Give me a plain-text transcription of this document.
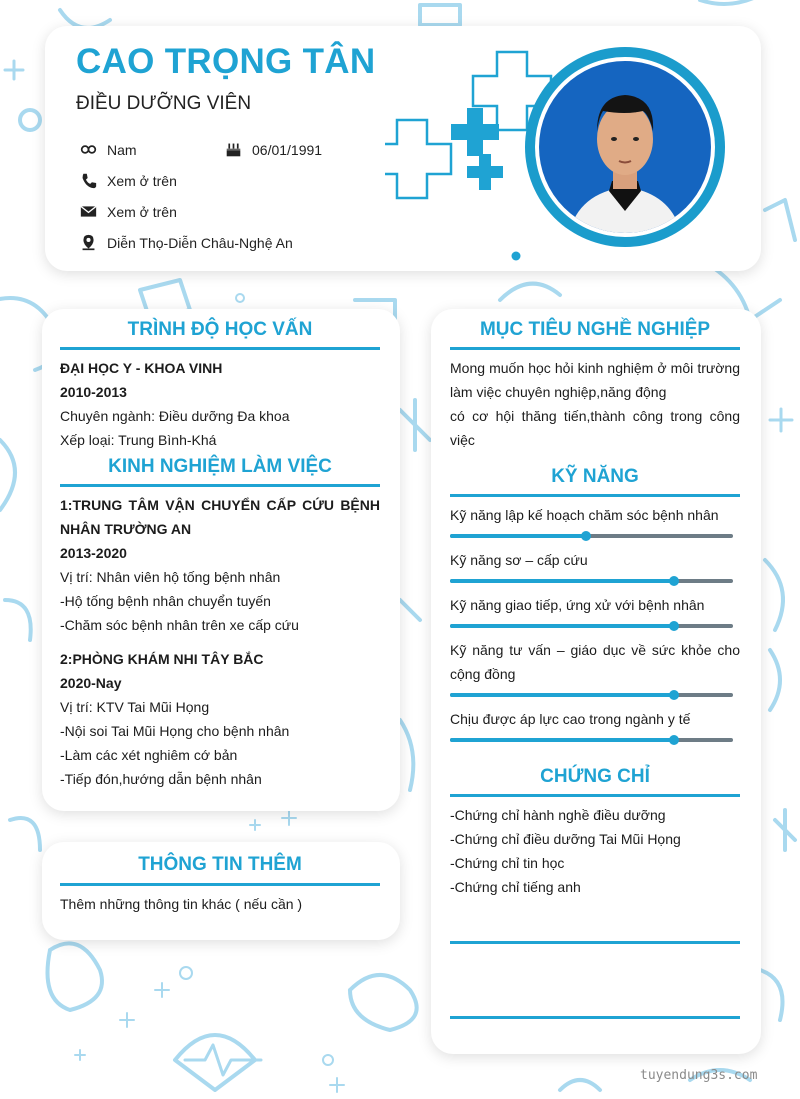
CAO TRỌNG TÂN
ĐIỀU DƯỠNG VIÊN
Nam	06/01/1991
Xem ở trên
Xem ở trên
Diễn Thọ-Diễn Châu-Nghệ An
TRÌNH ĐỘ HỌC VẤN
ĐẠI HỌC Y - KHOA VINH
2010-2013
Chuyên ngành: Điều dưỡng Đa khoa
Xếp loại: Trung Bình-Khá
KINH NGHIỆM LÀM VIỆC
1:TRUNG TÂM VẬN CHUYỂN CẤP CỨU BỆNH
NHÂN TRƯỜNG AN
2013-2020
Vị trí: Nhân viên hộ tống bệnh nhân
-Hộ tống bệnh nhân chuyển tuyến
-Chăm sóc bệnh nhân trên xe cấp cứu
2:PHÒNG KHÁM NHI TÂY BẮC
2020-Nay
Vị trí: KTV Tai Mũi Họng
-Nội soi Tai Mũi Họng cho bệnh nhân
-Làm các xét nghiêm cớ bản
-Tiếp đón,hướng dẫn bệnh nhân
THÔNG TIN THÊM
Thêm những thông tin khác ( nếu cần )
MỤC TIÊU NGHỀ NGHIỆP
Mong muốn học hỏi kinh nghiệm ở môi trường
làm việc chuyên nghiệp,năng động
có cơ hội thăng tiến,thành công trong công
việc
KỸ NĂNG
Kỹ năng lập kế hoạch chăm sóc bệnh nhân
Kỹ năng sơ – cấp cứu
Kỹ năng giao tiếp, ứng xử với bệnh nhân
Kỹ năng tư vấn – giáo dục về sức khỏe cho cộng đồng
Chịu được áp lực cao trong ngành y tế
CHỨNG CHỈ
-Chứng chỉ hành nghề điều dưỡng
-Chứng chỉ điều dưỡng Tai Mũi Họng
-Chứng chỉ tin học
-Chứng chỉ tiếng anh
tuyendung3s.com
